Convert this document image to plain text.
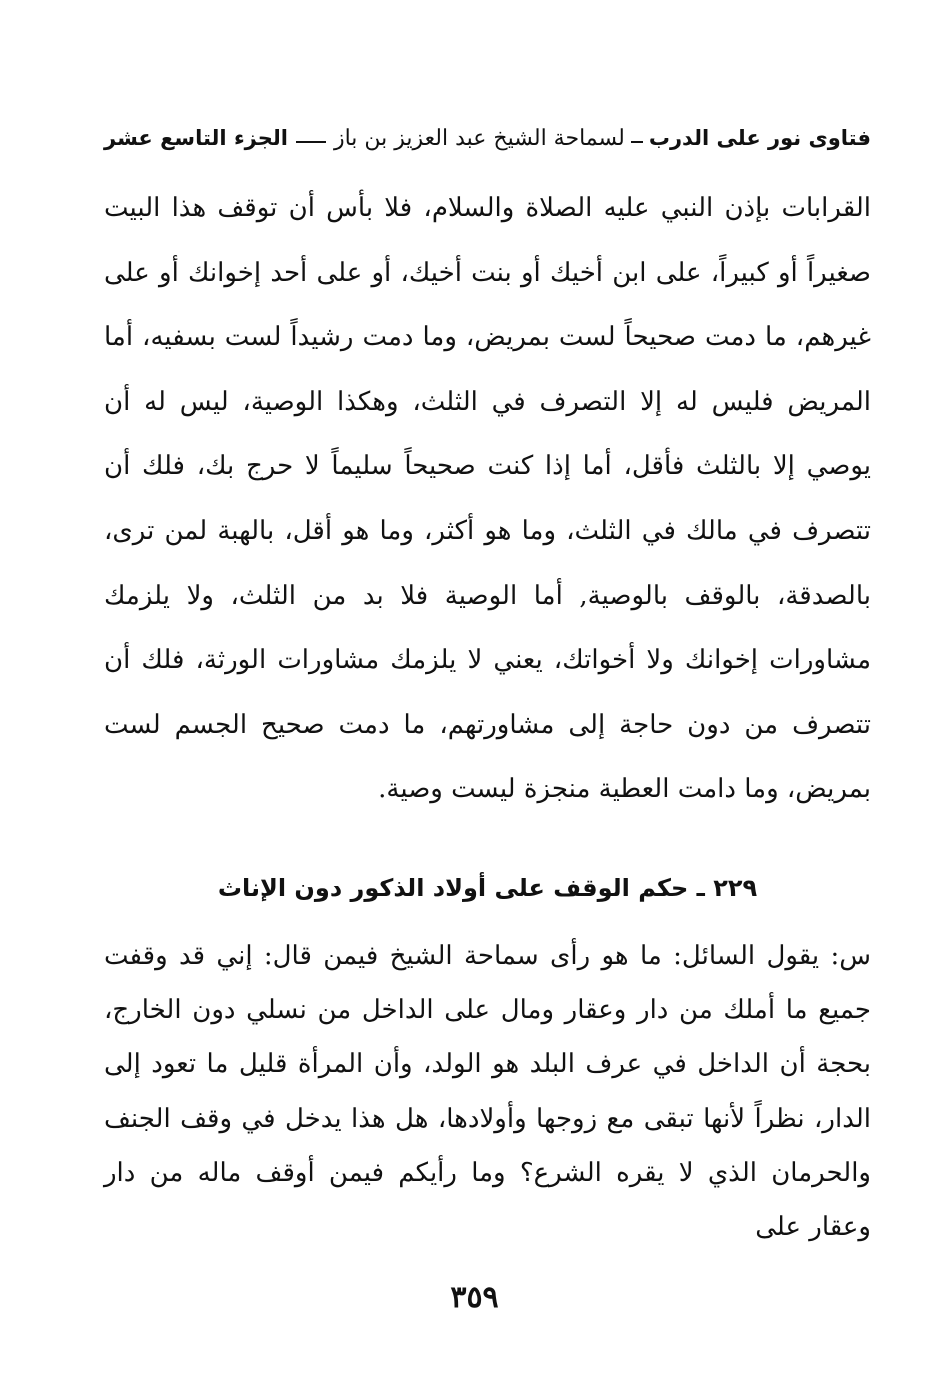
فتاوى نور على الدرب
لسماحة الشيخ عبد العزيز بن باز
الجزء التاسع عشر

القرابات بإذن النبي عليه الصلاة والسلام، فلا بأس أن توقف هذا البيت صغيراً أو كبيراً، على ابن أخيك أو بنت أخيك، أو على أحد إخوانك أو على غيرهم، ما دمت صحيحاً لست بمريض، وما دمت رشيداً لست بسفيه، أما المريض فليس له إلا التصرف في الثلث، وهكذا الوصية، ليس له أن يوصي إلا بالثلث فأقل، أما إذا كنت صحيحاً سليماً لا حرج بك، فلك أن تتصرف في مالك في الثلث، وما هو أكثر، وما هو أقل، بالهبة لمن ترى، بالصدقة، بالوقف بالوصية, أما الوصية فلا بد من الثلث، ولا يلزمك مشاورات إخوانك ولا أخواتك، يعني لا يلزمك مشاورات الورثة، فلك أن تتصرف من دون حاجة إلى مشاورتهم، ما دمت صحيح الجسم لست بمريض، وما دامت العطية منجزة ليست وصية.

٢٢٩ ـ حكم الوقف على أولاد الذكور دون الإناث

س: يقول السائل: ما هو رأى سماحة الشيخ فيمن قال: إني قد وقفت جميع ما أملك من دار وعقار ومال على الداخل من نسلي دون الخارج، بحجة أن الداخل في عرف البلد هو الولد، وأن المرأة قليل ما تعود إلى الدار، نظراً لأنها تبقى مع زوجها وأولادها، هل هذا يدخل في وقف الجنف والحرمان الذي لا يقره الشرع؟ وما رأيكم فيمن أوقف ماله من دار وعقار على

٣٥٩
